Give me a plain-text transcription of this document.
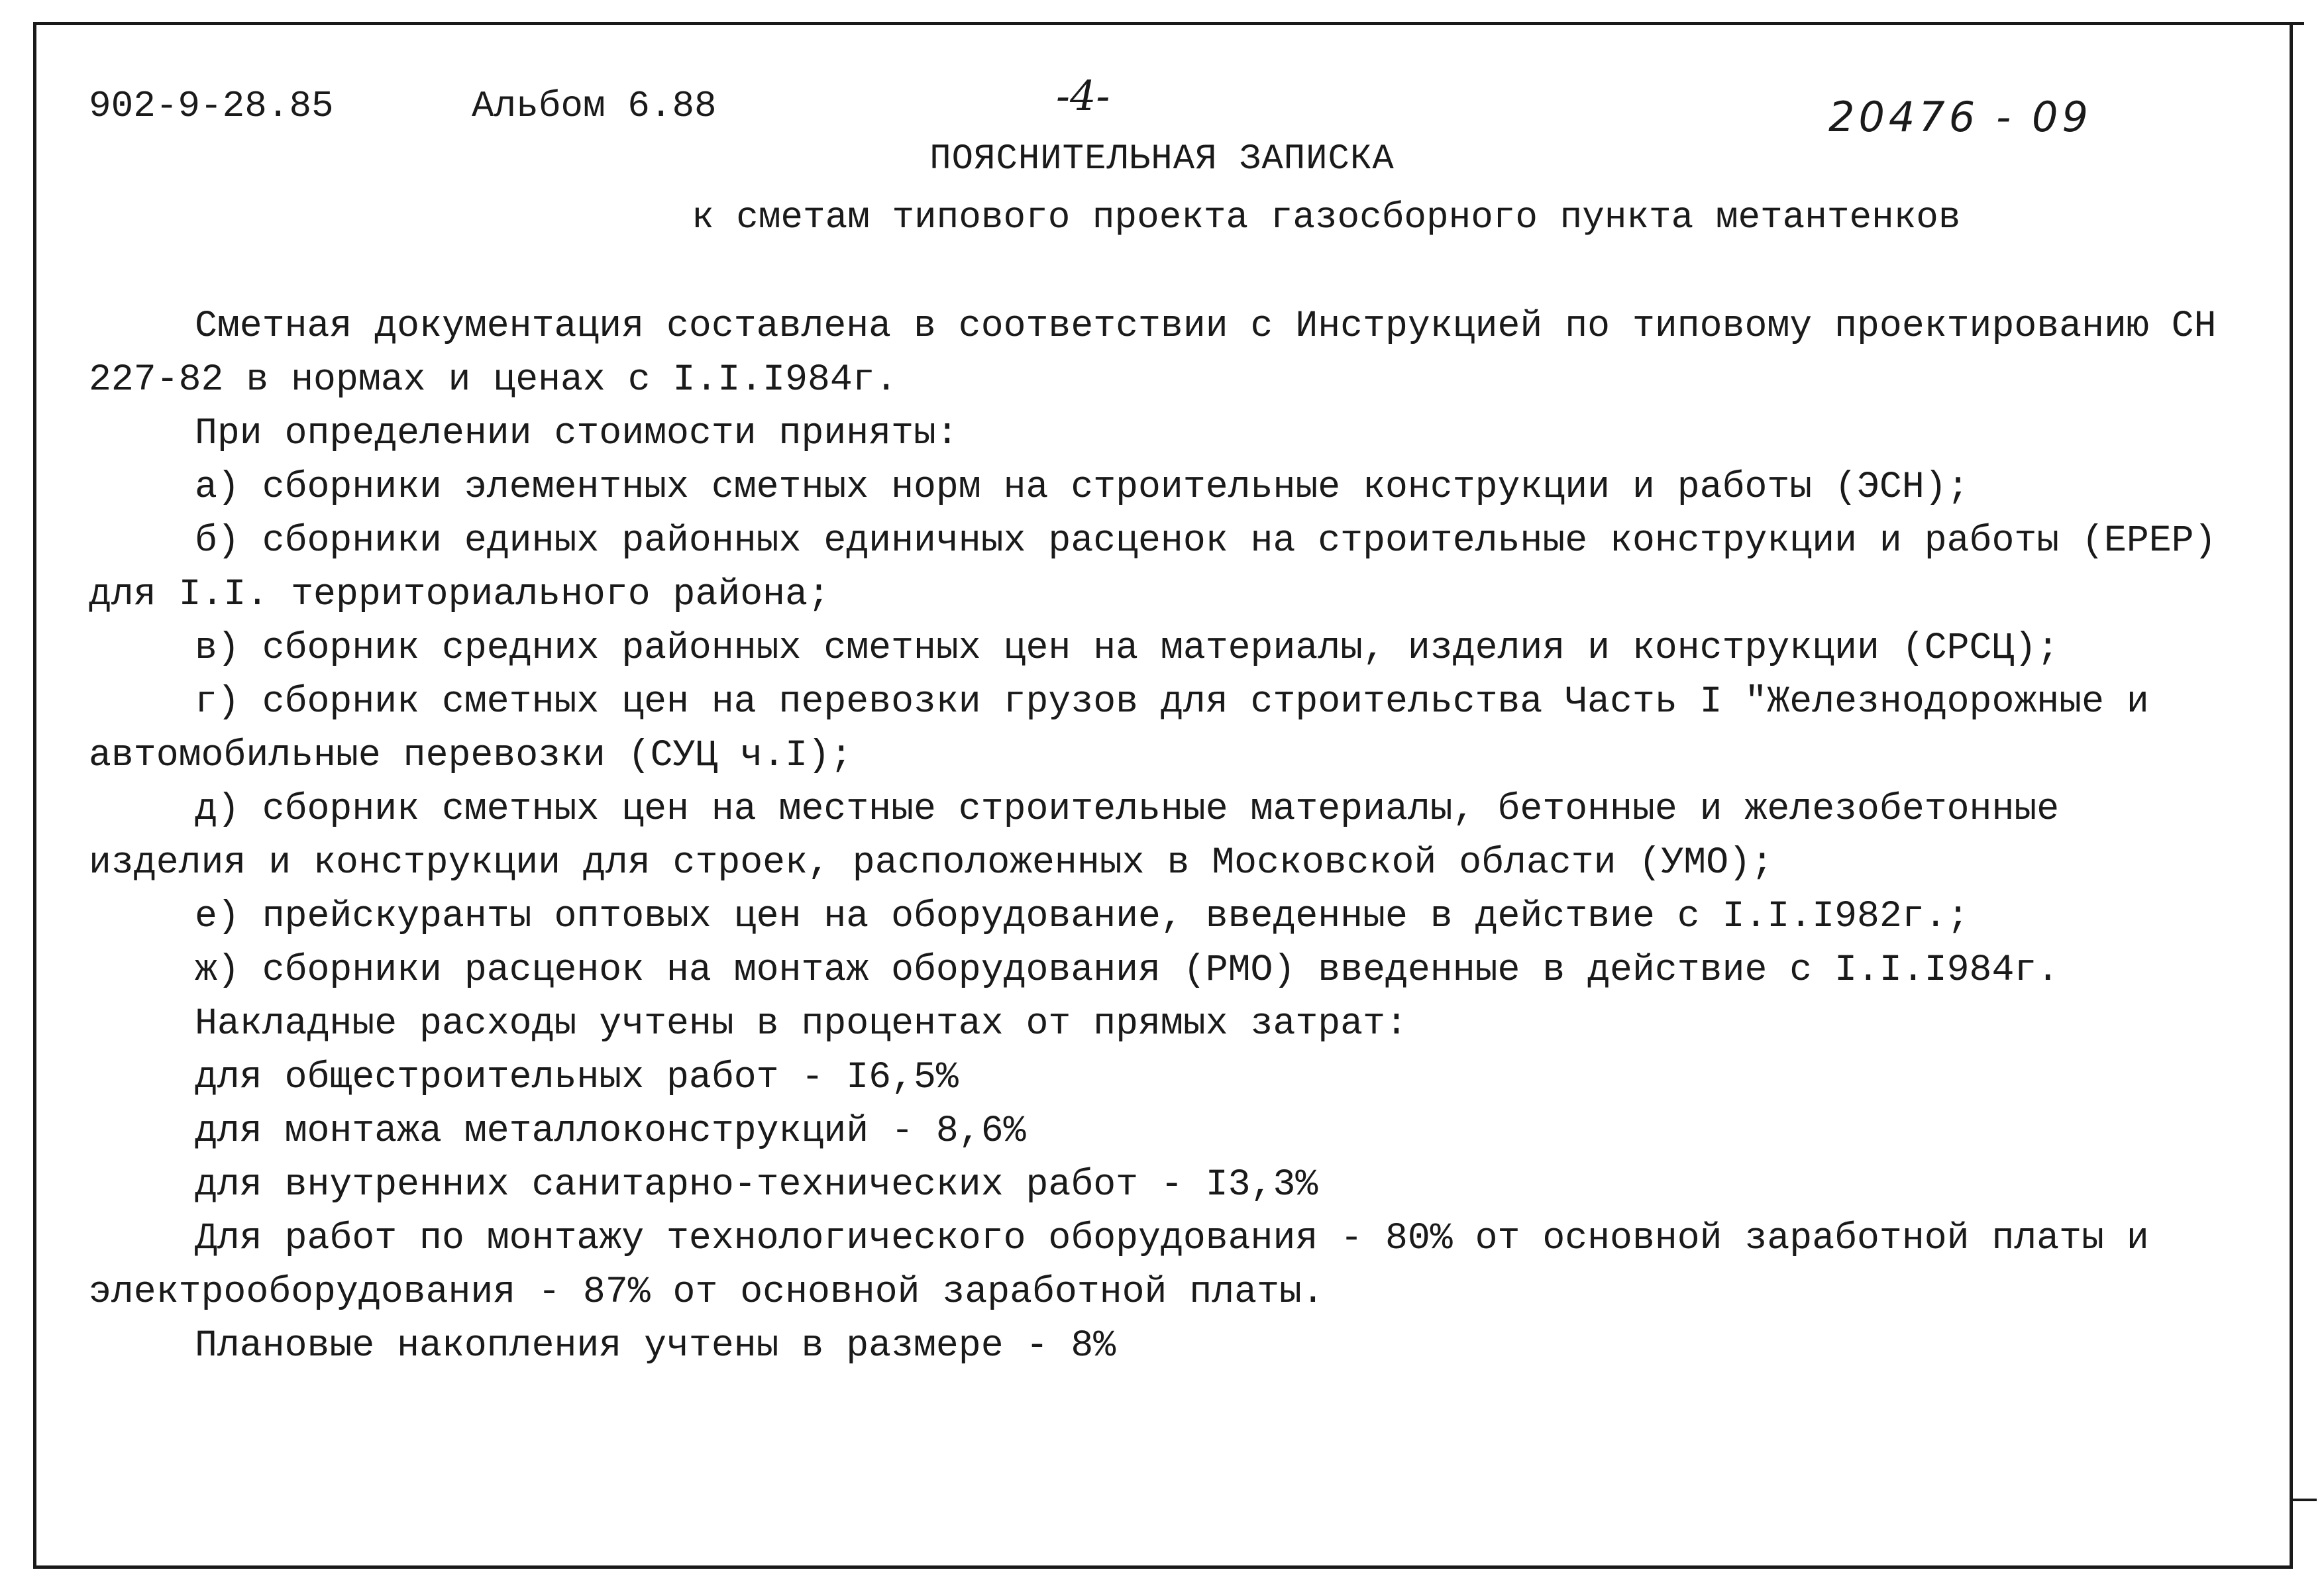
902-9-28.85	Альбом 6.88	-4-	20476 - 09
ПОЯСНИТЕЛЬНАЯ ЗАПИСКА
к сметам типового проекта газосборного пункта метантенков

Сметная документация составлена в соответствии с Инструкцией по типовому проектированию СН 227-82 в нормах и ценах с I.I.I984г.

При определении стоимости приняты:

а) сборники элементных сметных норм на строительные конструкции и работы (ЭСН);

б) сборники единых районных единичных расценок на строительные конструкции и работы (ЕРЕР) для I.I. территориального района;

в) сборник средних районных сметных цен на материалы, изделия и конструкции (СРСЦ);

г) сборник сметных цен на перевозки грузов для строительства Часть I "Железнодорожные и автомобильные перевозки (СУЦ ч.I);

д) сборник сметных цен на местные строительные материалы, бетонные и железобетонные изделия и конструкции для строек, расположенных в Московской области (УМО);

е) прейскуранты оптовых цен на оборудование, введенные в действие с I.I.I982г.;

ж) сборники расценок на монтаж оборудования (РМО) введенные в действие с I.I.I984г.

Накладные расходы учтены в процентах от прямых затрат:

для общестроительных работ - I6,5%

для монтажа металлоконструкций - 8,6%

для внутренних санитарно-технических работ - I3,3%

Для работ по монтажу технологического оборудования - 80% от основной заработной платы и электрооборудования - 87% от основной заработной платы.

Плановые накопления учтены в размере - 8%
